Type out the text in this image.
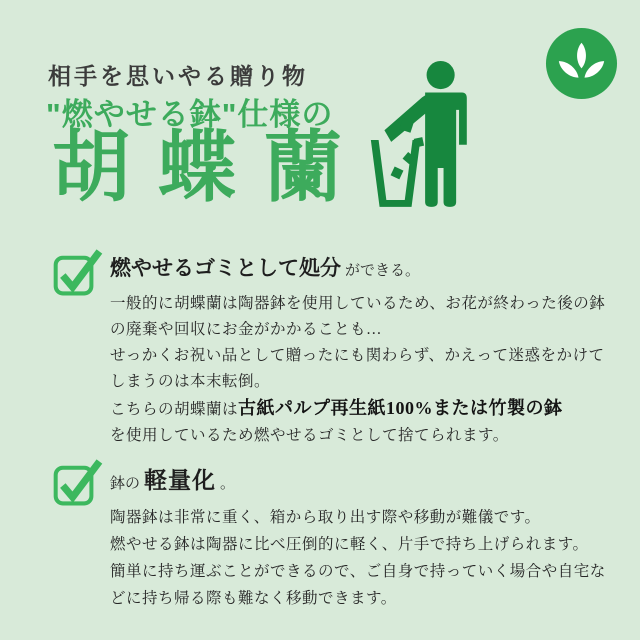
相手を思いやる贈り物
"燃やせる鉢"仕様の
胡蝶蘭
燃やせるゴミとして処分 ができる。
一般的に胡蝶蘭は陶器鉢を使用しているため、お花が終わった後の鉢
の廃棄や回収にお金がかかることも…
せっかくお祝い品として贈ったにも関わらず、かえって迷惑をかけて
しまうのは本末転倒。
こちらの胡蝶蘭は古紙パルプ再生紙100%または竹製の鉢
を使用しているため燃やせるゴミとして捨てられます。
鉢の 軽量化 。
陶器鉢は非常に重く、箱から取り出す際や移動が難儀です。
燃やせる鉢は陶器に比べ圧倒的に軽く、片手で持ち上げられます。
簡単に持ち運ぶことができるので、ご自身で持っていく場合や自宅な
どに持ち帰る際も難なく移動できます。
